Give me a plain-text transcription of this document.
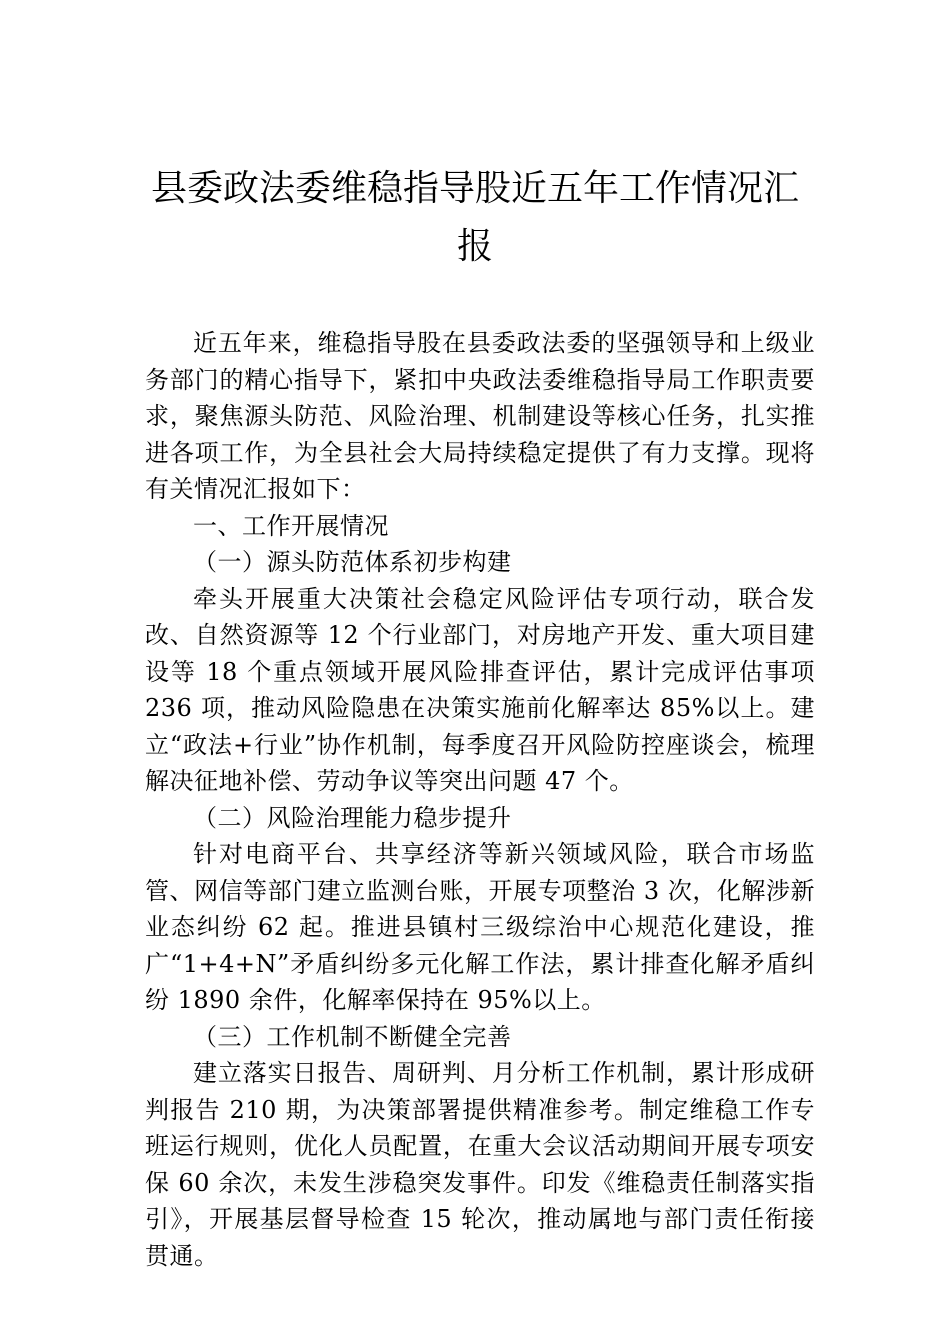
县委政法委维稳指导股近五年工作情况汇
报

近五年来，维稳指导股在县委政法委的坚强领导和上级业务部门的精心指导下，紧扣中央政法委维稳指导局工作职责要求，聚焦源头防范、风险治理、机制建设等核心任务，扎实推进各项工作，为全县社会大局持续稳定提供了有力支撑。现将有关情况汇报如下：

一、工作开展情况

（一）源头防范体系初步构建

牵头开展重大决策社会稳定风险评估专项行动，联合发改、自然资源等 12 个行业部门，对房地产开发、重大项目建设等 18 个重点领域开展风险排查评估，累计完成评估事项 236 项，推动风险隐患在决策实施前化解率达 85%以上。建立“政法+行业”协作机制，每季度召开风险防控座谈会，梳理解决征地补偿、劳动争议等突出问题 47 个。

（二）风险治理能力稳步提升

针对电商平台、共享经济等新兴领域风险，联合市场监管、网信等部门建立监测台账，开展专项整治 3 次，化解涉新业态纠纷 62 起。推进县镇村三级综治中心规范化建设，推广“1+4+N”矛盾纠纷多元化解工作法，累计排查化解矛盾纠纷 1890 余件，化解率保持在 95%以上。

（三）工作机制不断健全完善

建立落实日报告、周研判、月分析工作机制，累计形成研判报告 210 期，为决策部署提供精准参考。制定维稳工作专班运行规则，优化人员配置，在重大会议活动期间开展专项安保 60 余次，未发生涉稳突发事件。印发《维稳责任制落实指引》，开展基层督导检查 15 轮次，推动属地与部门责任衔接贯通。
